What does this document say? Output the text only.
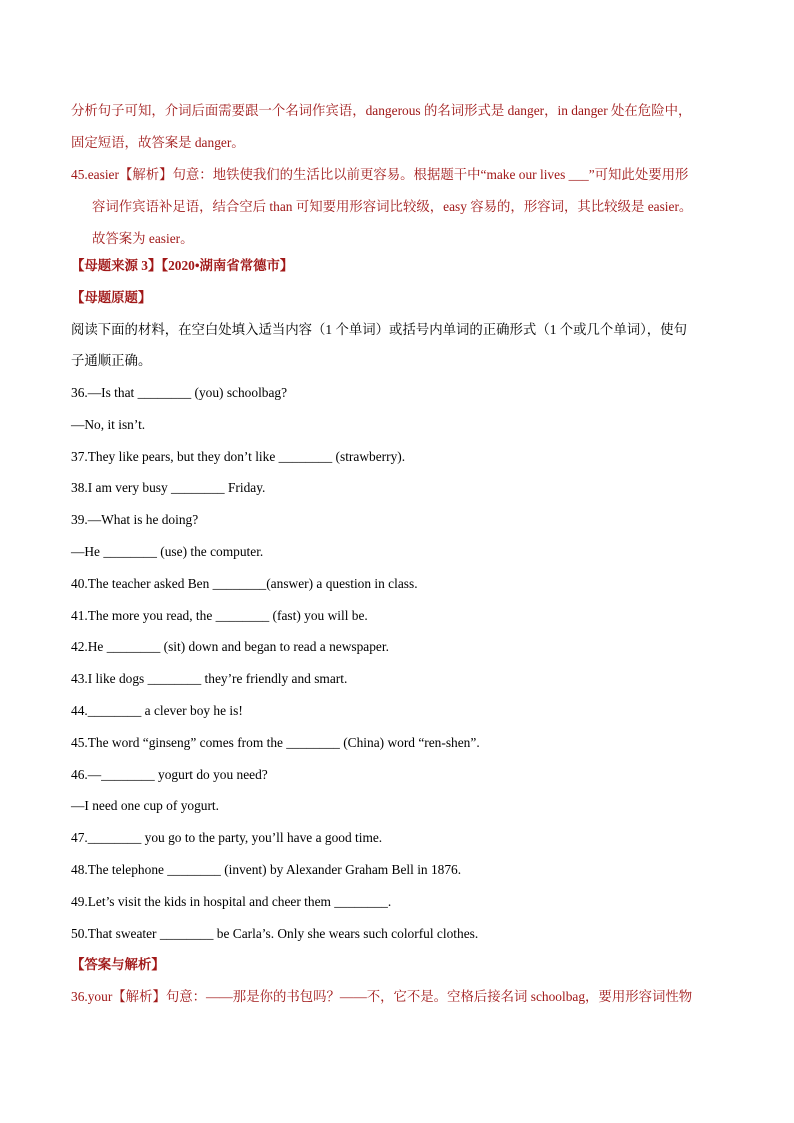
分析句子可知，介词后面需要跟一个名词作宾语，dangerous 的名词形式是 danger，in danger 处在危险中，
固定短语，故答案是 danger。
45.easier【解析】句意：地铁使我们的生活比以前更容易。根据题干中“make our lives ___”可知此处要用形
容词作宾语补足语，结合空后 than 可知要用形容词比较级，easy 容易的，形容词，其比较级是 easier。
故答案为 easier。
【母题来源 3】【2020•湖南省常德市】
【母题原题】
阅读下面的材料，在空白处填入适当内容（1 个单词）或括号内单词的正确形式（1 个或几个单词），使句
子通顺正确。
36.—Is that ________ (you) schoolbag?
—No, it isn’t.
37.They like pears, but they don’t like ________ (strawberry).
38.I am very busy ________ Friday.
39.—What is he doing?
—He ________ (use) the computer.
40.The teacher asked Ben ________(answer) a question in class.
41.The more you read, the ________ (fast) you will be.
42.He ________ (sit) down and began to read a newspaper.
43.I like dogs ________ they’re friendly and smart.
44.________ a clever boy he is!
45.The word “ginseng” comes from the ________ (China) word “ren-shen”.
46.—________ yogurt do you need?
—I need one cup of yogurt.
47.________ you go to the party, you’ll have a good time.
48.The telephone ________ (invent) by Alexander Graham Bell in 1876.
49.Let’s visit the kids in hospital and cheer them ________.
50.That sweater ________ be Carla’s. Only she wears such colorful clothes.
【答案与解析】
36.your【解析】句意：——那是你的书包吗？——不，它不是。空格后接名词 schoolbag，要用形容词性物
